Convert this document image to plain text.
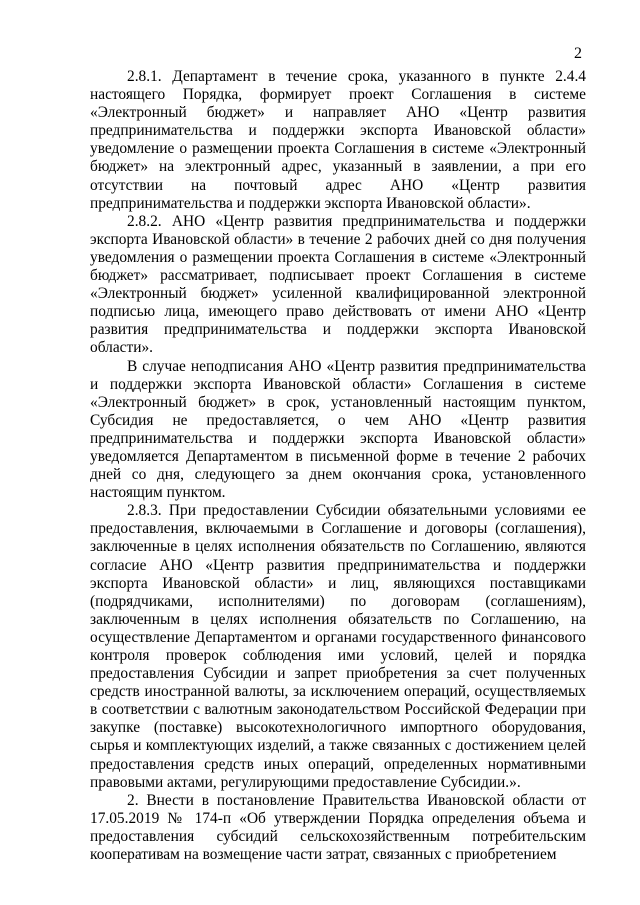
2

2.8.1. Департамент в течение срока, указанного в пункте 2.4.4 настоящего Порядка, формирует проект Соглашения в системе «Электронный бюджет» и направляет АНО «Центр развития предпринимательства и поддержки экспорта Ивановской области» уведомление о размещении проекта Соглашения в системе «Электронный бюджет» на электронный адрес, указанный в заявлении, а при его отсутствии на почтовый адрес АНО «Центр развития предпринимательства и поддержки экспорта Ивановской области».

2.8.2. АНО «Центр развития предпринимательства и поддержки экспорта Ивановской области» в течение 2 рабочих дней со дня получения уведомления о размещении проекта Соглашения в системе «Электронный бюджет» рассматривает, подписывает проект Соглашения в системе «Электронный бюджет» усиленной квалифицированной электронной подписью лица, имеющего право действовать от имени АНО «Центр развития предпринимательства и поддержки экспорта Ивановской области».

В случае неподписания АНО «Центр развития предпринимательства и поддержки экспорта Ивановской области» Соглашения в системе «Электронный бюджет» в срок, установленный настоящим пунктом, Субсидия не предоставляется, о чем АНО «Центр развития предпринимательства и поддержки экспорта Ивановской области» уведомляется Департаментом в письменной форме в течение 2 рабочих дней со дня, следующего за днем окончания срока, установленного настоящим пунктом.

2.8.3. При предоставлении Субсидии обязательными условиями ее предоставления, включаемыми в Соглашение и договоры (соглашения), заключенные в целях исполнения обязательств по Соглашению, являются согласие АНО «Центр развития предпринимательства и поддержки экспорта Ивановской области» и лиц, являющихся поставщиками (подрядчиками, исполнителями) по договорам (соглашениям), заключенным в целях исполнения обязательств по Соглашению, на осуществление Департаментом и органами государственного финансового контроля проверок соблюдения ими условий, целей и порядка предоставления Субсидии и запрет приобретения за счет полученных средств иностранной валюты, за исключением операций, осуществляемых в соответствии с валютным законодательством Российской Федерации при закупке (поставке) высокотехнологичного импортного оборудования, сырья и комплектующих изделий, а также связанных с достижением целей предоставления средств иных операций, определенных нормативными правовыми актами, регулирующими предоставление Субсидии.».

2. Внести в постановление Правительства Ивановской области от 17.05.2019 № 174-п «Об утверждении Порядка определения объема и предоставления субсидий сельскохозяйственным потребительским кооперативам на возмещение части затрат, связанных с приобретением
